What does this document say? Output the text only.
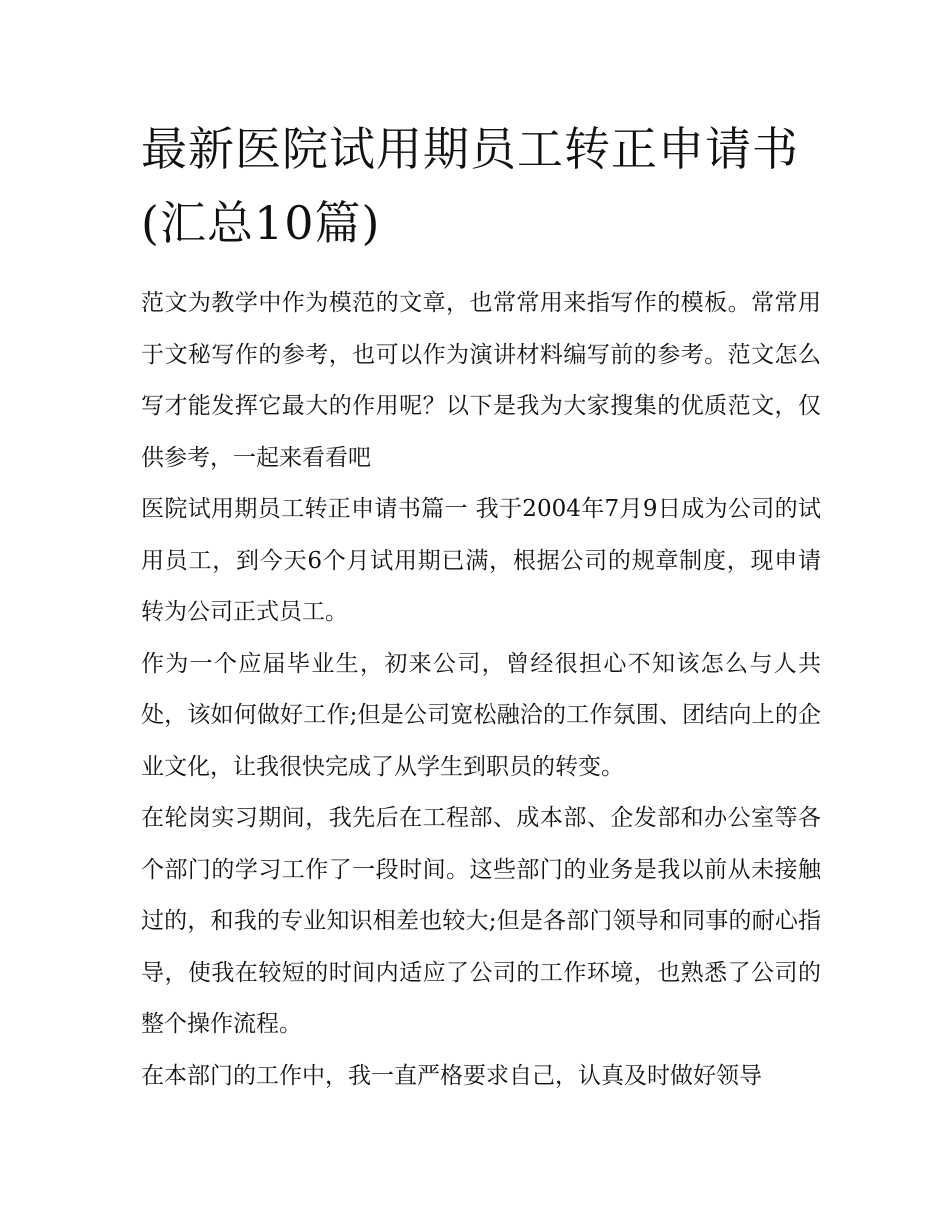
最新医院试用期员工转正申请书(汇总10篇)

范文为教学中作为模范的文章，也常常用来指写作的模板。常常用于文秘写作的参考，也可以作为演讲材料编写前的参考。范文怎么写才能发挥它最大的作用呢？以下是我为大家搜集的优质范文，仅供参考，一起来看看吧

医院试用期员工转正申请书篇一 我于2004年7月9日成为公司的试用员工，到今天6个月试用期已满，根据公司的规章制度，现申请转为公司正式员工。

作为一个应届毕业生，初来公司，曾经很担心不知该怎么与人共处，该如何做好工作;但是公司宽松融洽的工作氛围、团结向上的企业文化，让我很快完成了从学生到职员的转变。

在轮岗实习期间，我先后在工程部、成本部、企发部和办公室等各个部门的学习工作了一段时间。这些部门的业务是我以前从未接触过的，和我的专业知识相差也较大;但是各部门领导和同事的耐心指导，使我在较短的时间内适应了公司的工作环境，也熟悉了公司的整个操作流程。

在本部门的工作中，我一直严格要求自己，认真及时做好领导
